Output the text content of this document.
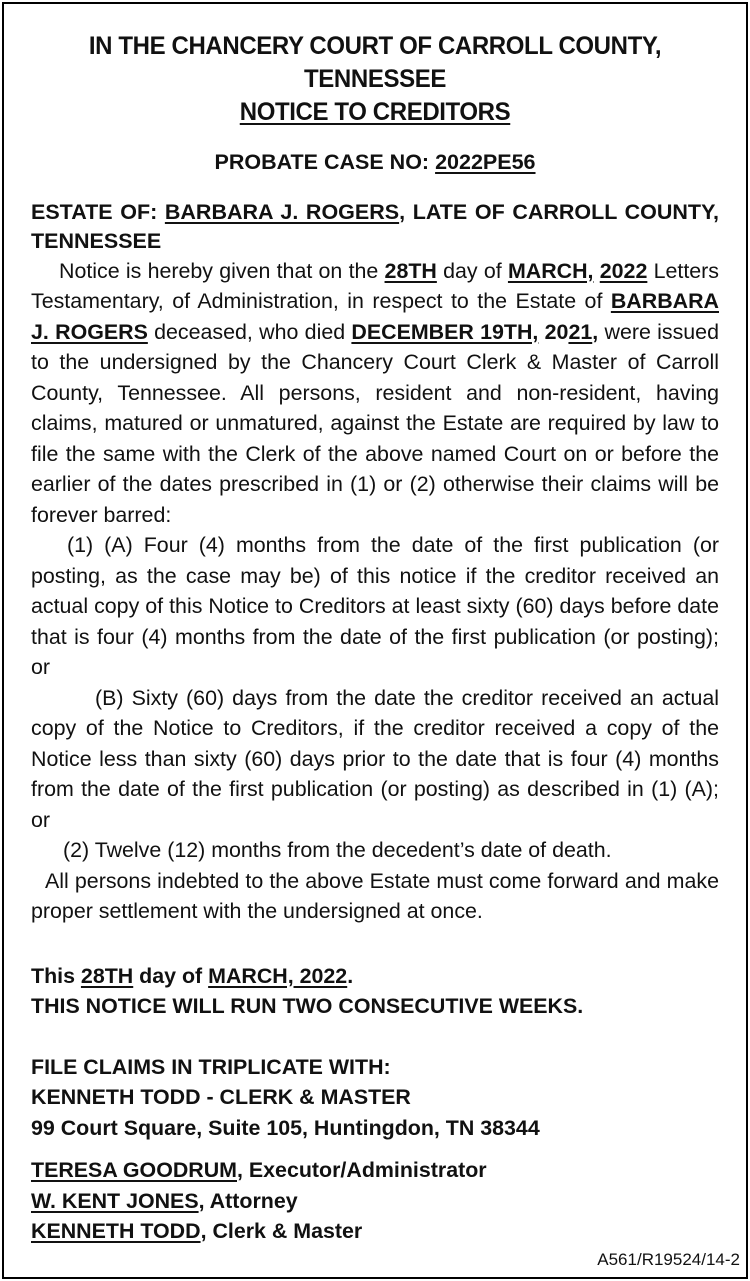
IN THE CHANCERY COURT OF CARROLL COUNTY, TENNESSEE
NOTICE TO CREDITORS
PROBATE CASE NO: 2022PE56
ESTATE OF: BARBARA J. ROGERS, LATE OF CARROLL COUNTY, TENNESSEE
Notice is hereby given that on the 28TH day of MARCH, 2022 Letters Testamentary, of Administration, in respect to the Estate of BARBARA J. ROGERS deceased, who died DECEMBER 19TH, 2021, were issued to the undersigned by the Chancery Court Clerk & Master of Carroll County, Tennessee. All persons, resident and non-resident, having claims, matured or unmatured, against the Estate are required by law to file the same with the Clerk of the above named Court on or before the earlier of the dates prescribed in (1) or (2) otherwise their claims will be forever barred:
(1) (A) Four (4) months from the date of the first publication (or posting, as the case may be) of this notice if the creditor received an actual copy of this Notice to Creditors at least sixty (60) days before date that is four (4) months from the date of the first publication (or posting); or
(B) Sixty (60) days from the date the creditor received an actual copy of the Notice to Creditors, if the creditor received a copy of the Notice less than sixty (60) days prior to the date that is four (4) months from the date of the first publication (or posting) as described in (1) (A); or
(2) Twelve (12) months from the decedent’s date of death.
All persons indebted to the above Estate must come forward and make proper settlement with the undersigned at once.
This 28TH day of MARCH, 2022.
THIS NOTICE WILL RUN TWO CONSECUTIVE WEEKS.
FILE CLAIMS IN TRIPLICATE WITH:
KENNETH TODD - CLERK & MASTER
99 Court Square, Suite 105, Huntingdon, TN 38344
TERESA GOODRUM, Executor/Administrator
W. KENT JONES, Attorney
KENNETH TODD, Clerk & Master
A561/R19524/14-2
